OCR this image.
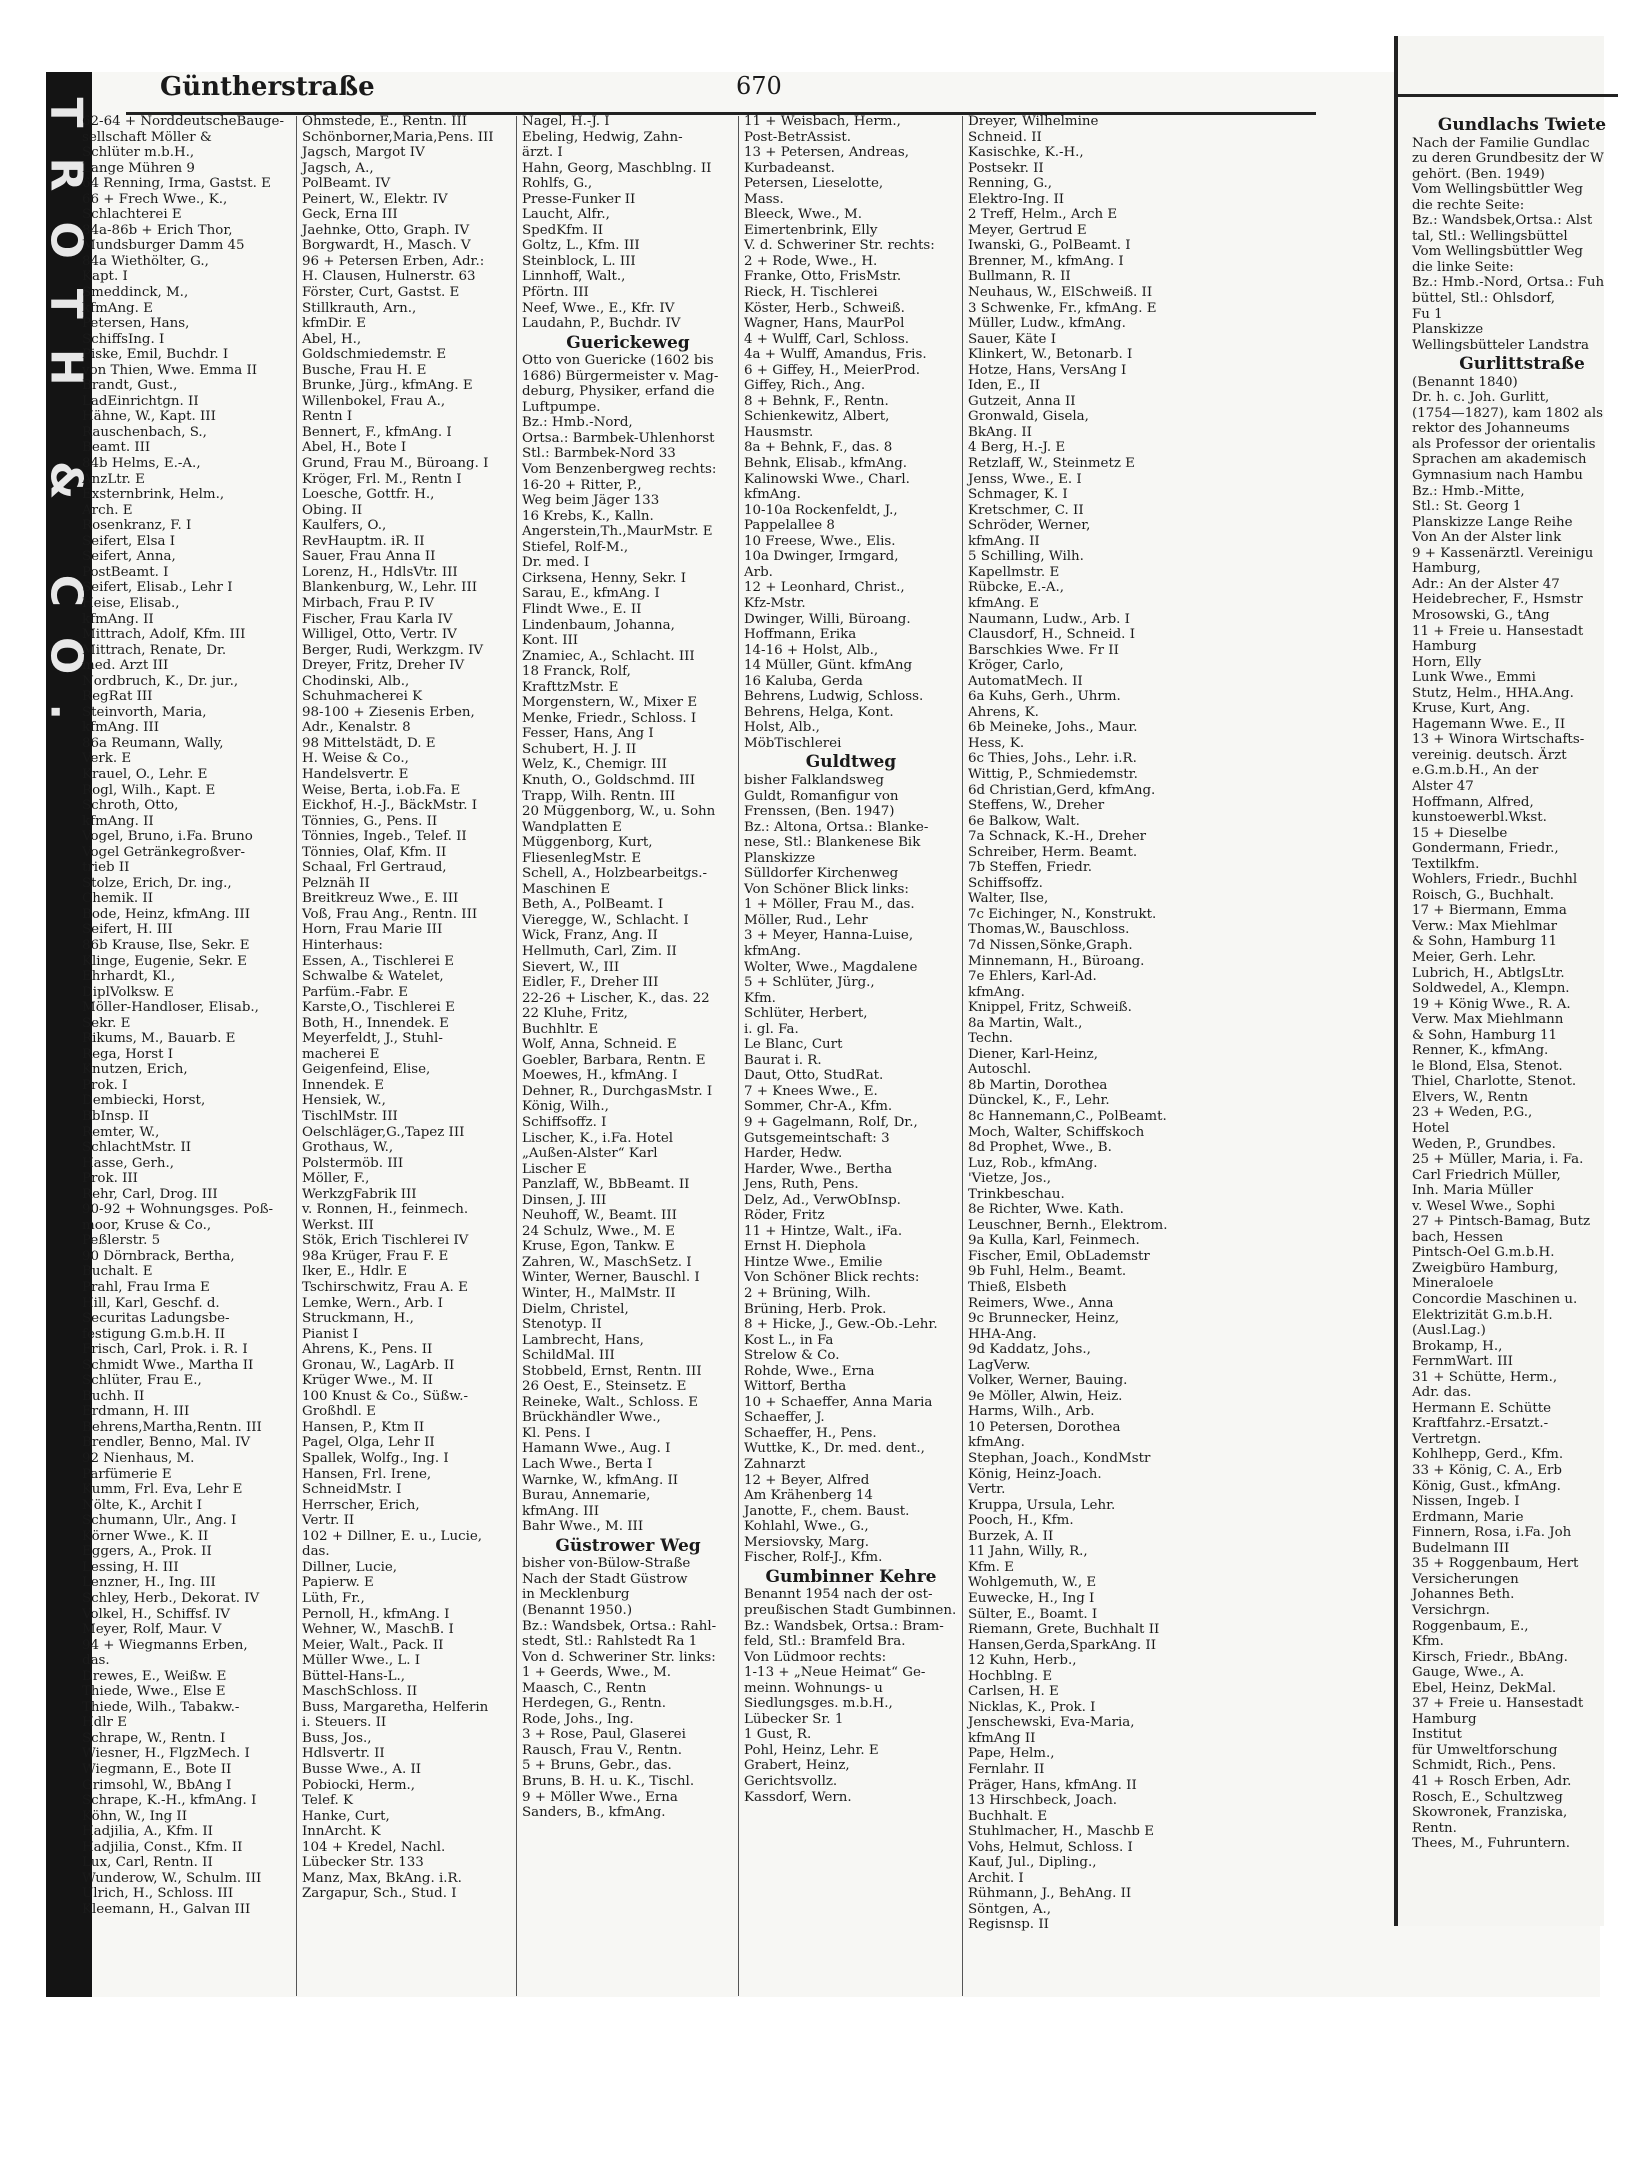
TROTH & CO.
Güntherstraße	670
62-64 + NorddeutscheBauge-
sellschaft Möller &
Schlüter m.b.H.,
Lange Mühren 9
64 Renning, Irma, Gastst. E
66 + Frech Wwe., K.,
Schlachterei E
84a-86b + Erich Thor,
Mundsburger Damm 45
84a Wiethölter, G.,
Kapt. I
Smeddinck, M.,
kfmAng. E
Petersen, Hans,
SchiffsIng. I
Piske, Emil, Buchdr. I
von Thien, Wwe. Emma II
Brandt, Gust.,
LadEinrichtgn. II
Hähne, W., Kapt. III
Rauschenbach, S.,
Beamt. III
84b Helms, E.-A.,
AnzLtr. E
Exsternbrink, Helm.,
Arch. E
Rosenkranz, F. I
Seifert, Elsa I
Seifert, Anna,
PostBeamt. I
Seifert, Elisab., Lehr I
Heise, Elisab.,
kfmAng. II
Mittrach, Adolf, Kfm. III
Mittrach, Renate, Dr.
med. Arzt III
Nordbruch, K., Dr. jur.,
RegRat III
Steinvorth, Maria,
kfmAng. III
86a Reumann, Wally,
Verk. E
Krauel, O., Lehr. E
Rogl, Wilh., Kapt. E
Schroth, Otto,
kfmAng. II
Vogel, Bruno, i.Fa. Bruno
Vogel Getränkegroßver-
trieb II
Stolze, Erich, Dr. ing.,
Chemik. II
Bode, Heinz, kfmAng. III
Seifert, H. III
86b Krause, Ilse, Sekr. E
Klinge, Eugenie, Sekr. E
Ehrhardt, Kl.,
DiplVolksw. E
Möller-Handloser, Elisab.,
Sekr. E
Rikums, M., Bauarb. E
Rega, Horst I
Knutzen, Erich,
Prok. I
Dembiecki, Horst,
BbInsp. II
Remter, W.,
SchlachtMstr. II
Hasse, Gerh.,
Prok. III
Rehr, Carl, Drog. III
90-92 + Wohnungsges. Poß-
moor, Kruse & Co.,
Peßlerstr. 5
90 Dörnbrack, Bertha,
Buchalt. E
Prahl, Frau Irma E
Hill, Karl, Geschf. d.
Securitas Ladungsbe-
festigung G.m.b.H. II
Frisch, Carl, Prok. i. R. I
Schmidt Wwe., Martha II
Schlüter, Frau E.,
Buchh. II
Erdmann, H. III
Behrens,Martha,Rentn. III
Brendler, Benno, Mal. IV
92 Nienhaus, M.
Parfümerie E
Kumm, Frl. Eva, Lehr E
Nölte, K., Archit I
Schumann, Ulr., Ang. I
Körner Wwe., K. II
Eggers, A., Prok. II
Lessing, H. III
Lenzner, H., Ing. III
Schley, Herb., Dekorat. IV
Volkel, H., Schiffsf. IV
Meyer, Rolf, Maur. V
94 + Wiegmanns Erben,
das.
Drewes, E., Weißw. E
Thiede, Wwe., Else E
Thiede, Wilh., Tabakw.-
Hdlr E
Schrape, W., Rentn. I
Wiesner, H., FlgzMech. I
Wiegmann, E., Bote II
Grimsohl, W., BbAng I
Schrape, K.-H., kfmAng. I
Köhn, W., Ing II
Hadjilia, A., Kfm. II
Hadjilia, Const., Kfm. II
Lux, Carl, Rentn. II
Wunderow, W., Schulm. III
Ulrich, H., Schloss. III
Kleemann, H., Galvan III
Ohmstede, E., Rentn. III
Schönborner,Maria,Pens. III
Jagsch, Margot IV
Jagsch, A.,
PolBeamt. IV
Peinert, W., Elektr. IV
Geck, Erna III
Jaehnke, Otto, Graph. IV
Borgwardt, H., Masch. V
96 + Petersen Erben, Adr.:
H. Clausen, Hulnerstr. 63
Förster, Curt, Gastst. E
Stillkrauth, Arn.,
kfmDir. E
Abel, H.,
Goldschmiedemstr. E
Busche, Frau H. E
Brunke, Jürg., kfmAng. E
Willenbokel, Frau A.,
Rentn I
Bennert, F., kfmAng. I
Abel, H., Bote I
Grund, Frau M., Büroang. I
Kröger, Frl. M., Rentn I
Loesche, Gottfr. H.,
Obing. II
Kaulfers, O.,
RevHauptm. iR. II
Sauer, Frau Anna II
Lorenz, H., HdlsVtr. III
Blankenburg, W., Lehr. III
Mirbach, Frau P. IV
Fischer, Frau Karla IV
Willigel, Otto, Vertr. IV
Berger, Rudi, Werkzgm. IV
Dreyer, Fritz, Dreher IV
Chodinski, Alb.,
Schuhmacherei K
98-100 + Ziesenis Erben,
Adr., Kenalstr. 8
98 Mittelstädt, D. E
H. Weise & Co.,
Handelsvertr. E
Weise, Berta, i.ob.Fa. E
Eickhof, H.-J., BäckMstr. I
Tönnies, G., Pens. II
Tönnies, Ingeb., Telef. II
Tönnies, Olaf, Kfm. II
Schaal, Frl Gertraud,
Pelznäh II
Breitkreuz Wwe., E. III
Voß, Frau Ang., Rentn. III
Horn, Frau Marie III
Hinterhaus:
Essen, A., Tischlerei E
Schwalbe & Watelet,
Parfüm.-Fabr. E
Karste,O., Tischlerei E
Both, H., Innendek. E
Meyerfeldt, J., Stuhl-
macherei E
Geigenfeind, Elise,
Innendek. E
Hensiek, W.,
TischlMstr. III
Oelschläger,G.,Tapez III
Grothaus, W.,
Polstermöb. III
Möller, F.,
WerkzgFabrik III
v. Ronnen, H., feinmech.
Werkst. III
Stök, Erich Tischlerei IV
98a Krüger, Frau F. E
Iker, E., Hdlr. E
Tschirschwitz, Frau A. E
Lemke, Wern., Arb. I
Struckmann, H.,
Pianist I
Ahrens, K., Pens. II
Gronau, W., LagArb. II
Krüger Wwe., M. II
100 Knust & Co., Süßw.-
Großhdl. E
Hansen, P., Ktm II
Pagel, Olga, Lehr II
Spallek, Wolfg., Ing. I
Hansen, Frl. Irene,
SchneidMstr. I
Herrscher, Erich,
Vertr. II
102 + Dillner, E. u., Lucie,
das.
Dillner, Lucie,
Papierw. E
Lüth, Fr.,
Pernoll, H., kfmAng. I
Wehner, W., MaschB. I
Meier, Walt., Pack. II
Müller Wwe., L. I
Büttel-Hans-L.,
MaschSchloss. II
Buss, Margaretha, Helferin
i. Steuers. II
Buss, Jos.,
Hdlsvertr. II
Busse Wwe., A. II
Pobiocki, Herm.,
Telef. K
Hanke, Curt,
InnArcht. K
104 + Kredel, Nachl.
Lübecker Str. 133
Manz, Max, BkAng. i.R.
Zargapur, Sch., Stud. I
Nagel, H.-J. I
Ebeling, Hedwig, Zahn-
ärzt. I
Hahn, Georg, Maschblng. II
Rohlfs, G.,
Presse-Funker II
Laucht, Alfr.,
SpedKfm. II
Goltz, L., Kfm. III
Steinblock, L. III
Linnhoff, Walt.,
Pförtn. III
Neef, Wwe., E., Kfr. IV
Laudahn, P., Buchdr. IV
Guerickeweg
Otto von Guericke (1602 bis
1686) Bürgermeister v. Mag-
deburg, Physiker, erfand die
Luftpumpe.
Bz.: Hmb.-Nord,
Ortsa.: Barmbek-Uhlenhorst
Stl.: Barmbek-Nord 33
Vom Benzenbergweg rechts:
16-20 + Ritter, P.,
Weg beim Jäger 133
16 Krebs, K., Kalln.
Angerstein,Th.,MaurMstr. E
Stiefel, Rolf-M.,
Dr. med. I
Cirksena, Henny, Sekr. I
Sarau, E., kfmAng. I
Flindt Wwe., E. II
Lindenbaum, Johanna,
Kont. III
Znamiec, A., Schlacht. III
18 Franck, Rolf,
KrafttzMstr. E
Morgenstern, W., Mixer E
Menke, Friedr., Schloss. I
Fesser, Hans, Ang I
Schubert, H. J. II
Welz, K., Chemigr. III
Knuth, O., Goldschmd. III
Trapp, Wilh. Rentn. III
20 Müggenborg, W., u. Sohn
Wandplatten E
Müggenborg, Kurt,
FliesenlegMstr. E
Schell, A., Holzbearbeitgs.-
Maschinen E
Beth, A., PolBeamt. I
Vieregge, W., Schlacht. I
Wick, Franz, Ang. II
Hellmuth, Carl, Zim. II
Sievert, W., III
Eidler, F., Dreher III
22-26 + Lischer, K., das. 22
22 Kluhe, Fritz,
Buchhltr. E
Wolf, Anna, Schneid. E
Goebler, Barbara, Rentn. E
Moewes, H., kfmAng. I
Dehner, R., DurchgasMstr. I
König, Wilh.,
Schiffsoffz. I
Lischer, K., i.Fa. Hotel
„Außen-Alster“ Karl
Lischer E
Panzlaff, W., BbBeamt. II
Dinsen, J. III
Neuhoff, W., Beamt. III
24 Schulz, Wwe., M. E
Kruse, Egon, Tankw. E
Zahren, W., MaschSetz. I
Winter, Werner, Bauschl. I
Winter, H., MalMstr. II
Dielm, Christel,
Stenotyp. II
Lambrecht, Hans,
SchildMal. III
Stobbeld, Ernst, Rentn. III
26 Oest, E., Steinsetz. E
Reineke, Walt., Schloss. E
Brückhändler Wwe.,
Kl. Pens. I
Hamann Wwe., Aug. I
Lach Wwe., Berta I
Warnke, W., kfmAng. II
Burau, Annemarie,
kfmAng. III
Bahr Wwe., M. III
Güstrower Weg
bisher von-Bülow-Straße
Nach der Stadt Güstrow
in Mecklenburg
(Benannt 1950.)
Bz.: Wandsbek, Ortsa.: Rahl-
stedt, Stl.: Rahlstedt Ra 1
Von d. Schweriner Str. links:
1 + Geerds, Wwe., M.
Maasch, C., Rentn
Herdegen, G., Rentn.
Rode, Johs., Ing.
3 + Rose, Paul, Glaserei
Rausch, Frau V., Rentn.
5 + Bruns, Gebr., das.
Bruns, B. H. u. K., Tischl.
9 + Möller Wwe., Erna
Sanders, B., kfmAng.
11 + Weisbach, Herm.,
Post-BetrAssist.
13 + Petersen, Andreas,
Kurbadeanst.
Petersen, Lieselotte,
Mass.
Bleeck, Wwe., M.
Eimertenbrink, Elly
V. d. Schweriner Str. rechts:
2 + Rode, Wwe., H.
Franke, Otto, FrisMstr.
Rieck, H. Tischlerei
Köster, Herb., Schweiß.
Wagner, Hans, MaurPol
4 + Wulff, Carl, Schloss.
4a + Wulff, Amandus, Fris.
6 + Giffey, H., MeierProd.
Giffey, Rich., Ang.
8 + Behnk, F., Rentn.
Schienkewitz, Albert,
Hausmstr.
8a + Behnk, F., das. 8
Behnk, Elisab., kfmAng.
Kalinowski Wwe., Charl.
kfmAng.
10-10a Rockenfeldt, J.,
Pappelallee 8
10 Freese, Wwe., Elis.
10a Dwinger, Irmgard,
Arb.
12 + Leonhard, Christ.,
Kfz-Mstr.
Dwinger, Willi, Büroang.
Hoffmann, Erika
14-16 + Holst, Alb.,
14 Müller, Günt. kfmAng
16 Kaluba, Gerda
Behrens, Ludwig, Schloss.
Behrens, Helga, Kont.
Holst, Alb.,
MöbTischlerei
Guldtweg
bisher Falklandsweg
Guldt, Romanfigur von
Frenssen, (Ben. 1947)
Bz.: Altona, Ortsa.: Blanke-
nese, Stl.: Blankenese Bik
Planskizze
Sülldorfer Kirchenweg
Von Schöner Blick links:
1 + Möller, Frau M., das.
Möller, Rud., Lehr
3 + Meyer, Hanna-Luise,
kfmAng.
Wolter, Wwe., Magdalene
5 + Schlüter, Jürg.,
Kfm.
Schlüter, Herbert,
i. gl. Fa.
Le Blanc, Curt
Baurat i. R.
Daut, Otto, StudRat.
7 + Knees Wwe., E.
Sommer, Chr-A., Kfm.
9 + Gagelmann, Rolf, Dr.,
Gutsgemeintschaft: 3
Harder, Hedw.
Harder, Wwe., Bertha
Jens, Ruth, Pens.
Delz, Ad., VerwObInsp.
Röder, Fritz
11 + Hintze, Walt., iFa.
Ernst H. Diephola
Hintze Wwe., Emilie
Von Schöner Blick rechts:
2 + Brüning, Wilh.
Brüning, Herb. Prok.
8 + Hicke, J., Gew.-Ob.-Lehr.
Kost L., in Fa
Strelow & Co.
Rohde, Wwe., Erna
Wittorf, Bertha
10 + Schaeffer, Anna Maria
Schaeffer, J.
Schaeffer, H., Pens.
Wuttke, K., Dr. med. dent.,
Zahnarzt
12 + Beyer, Alfred
Am Krähenberg 14
Janotte, F., chem. Baust.
Kohlahl, Wwe., G.,
Mersiovsky, Marg.
Fischer, Rolf-J., Kfm.
Gumbinner Kehre
Benannt 1954 nach der ost-
preußischen Stadt Gumbinnen.
Bz.: Wandsbek, Ortsa.: Bram-
feld, Stl.: Bramfeld Bra.
Von Lüdmoor rechts:
1-13 + „Neue Heimat“ Ge-
meinn. Wohnungs- u
Siedlungsges. m.b.H.,
Lübecker Sr. 1
1 Gust, R.
Pohl, Heinz, Lehr. E
Grabert, Heinz,
Gerichtsvollz.
Kassdorf, Wern.
Dreyer, Wilhelmine
Schneid. II
Kasischke, K.-H.,
Postsekr. II
Renning, G.,
Elektro-Ing. II
2 Treff, Helm., Arch E
Meyer, Gertrud E
Iwanski, G., PolBeamt. I
Brenner, M., kfmAng. I
Bullmann, R. II
Neuhaus, W., ElSchweiß. II
3 Schwenke, Fr., kfmAng. E
Müller, Ludw., kfmAng.
Sauer, Käte I
Klinkert, W., Betonarb. I
Hotze, Hans, VersAng I
Iden, E., II
Gutzeit, Anna II
Gronwald, Gisela,
BkAng. II
4 Berg, H.-J. E
Retzlaff, W., Steinmetz E
Jenss, Wwe., E. I
Schmager, K. I
Kretschmer, C. II
Schröder, Werner,
kfmAng. II
5 Schilling, Wilh.
Kapellmstr. E
Rübcke, E.-A.,
kfmAng. E
Naumann, Ludw., Arb. I
Clausdorf, H., Schneid. I
Barschkies Wwe. Fr II
Kröger, Carlo,
AutomatMech. II
6a Kuhs, Gerh., Uhrm.
Ahrens, K.
6b Meineke, Johs., Maur.
Hess, K.
6c Thies, Johs., Lehr. i.R.
Wittig, P., Schmiedemstr.
6d Christian,Gerd, kfmAng.
Steffens, W., Dreher
6e Balkow, Walt.
7a Schnack, K.-H., Dreher
Schreiber, Herm. Beamt.
7b Steffen, Friedr.
Schiffsoffz.
Walter, Ilse,
7c Eichinger, N., Konstrukt.
Thomas,W., Bauschloss.
7d Nissen,Sönke,Graph.
Minnemann, H., Büroang.
7e Ehlers, Karl-Ad.
kfmAng.
Knippel, Fritz, Schweiß.
8a Martin, Walt.,
Techn.
Diener, Karl-Heinz,
Autoschl.
8b Martin, Dorothea
Dünckel, K., F., Lehr.
8c Hannemann,C., PolBeamt.
Moch, Walter, Schiffskoch
8d Prophet, Wwe., B.
Luz, Rob., kfmAng.
'Vietze, Jos.,
Trinkbeschau.
8e Richter, Wwe. Kath.
Leuschner, Bernh., Elektrom.
9a Kulla, Karl, Feinmech.
Fischer, Emil, ObLademstr
9b Fuhl, Helm., Beamt.
Thieß, Elsbeth
Reimers, Wwe., Anna
9c Brunnecker, Heinz,
HHA-Ang.
9d Kaddatz, Johs.,
LagVerw.
Volker, Werner, Bauing.
9e Möller, Alwin, Heiz.
Harms, Wilh., Arb.
10 Petersen, Dorothea
kfmAng.
Stephan, Joach., KondMstr
König, Heinz-Joach.
Vertr.
Kruppa, Ursula, Lehr.
Pooch, H., Kfm.
Burzek, A. II
11 Jahn, Willy, R.,
Kfm. E
Wohlgemuth, W., E
Euwecke, H., Ing I
Sülter, E., Boamt. I
Riemann, Grete, Buchhalt II
Hansen,Gerda,SparkAng. II
12 Kuhn, Herb.,
Hochblng. E
Carlsen, H. E
Nicklas, K., Prok. I
Jenschewski, Eva-Maria,
kfmAng II
Pape, Helm.,
Fernlahr. II
Präger, Hans, kfmAng. II
13 Hirschbeck, Joach.
Buchhalt. E
Stuhlmacher, H., Maschb E
Vohs, Helmut, Schloss. I
Kauf, Jul., Dipling.,
Archit. I
Rühmann, J., BehAng. II
Söntgen, A.,
Regisnsp. II
Gundlachs Twiete
Nach der Familie Gundlac
zu deren Grundbesitz der W
gehört. (Ben. 1949)
Vom Wellingsbüttler Weg
die rechte Seite:
Bz.: Wandsbek,Ortsa.: Alst
tal, Stl.: Wellingsbüttel
Vom Wellingsbüttler Weg
die linke Seite:
Bz.: Hmb.-Nord, Ortsa.: Fuh
büttel, Stl.: Ohlsdorf,
Fu 1
Planskizze
Wellingsbütteler Landstra
Gurlittstraße
(Benannt 1840)
Dr. h. c. Joh. Gurlitt,
(1754—1827), kam 1802 als
rektor des Johanneums
als Professor der orientalis
Sprachen am akademisch
Gymnasium nach Hambu
Bz.: Hmb.-Mitte,
Stl.: St. Georg 1
Planskizze Lange Reihe
Von An der Alster link
9 + Kassenärztl. Vereinigu
Hamburg,
Adr.: An der Alster 47
Heidebrecher, F., Hsmstr
Mrosowski, G., tAng
11 + Freie u. Hansestadt
Hamburg
Horn, Elly
Lunk Wwe., Emmi
Stutz, Helm., HHA.Ang.
Kruse, Kurt, Ang.
Hagemann Wwe. E., II
13 + Winora Wirtschafts-
vereinig. deutsch. Ärzt
e.G.m.b.H., An der
Alster 47
Hoffmann, Alfred,
kunstoewerbl.Wkst.
15 + Dieselbe
Gondermann, Friedr.,
Textilkfm.
Wohlers, Friedr., Buchhl
Roisch, G., Buchhalt.
17 + Biermann, Emma
Verw.: Max Miehlmar
& Sohn, Hamburg 11
Meier, Gerh. Lehr.
Lubrich, H., AbtlgsLtr.
Soldwedel, A., Klempn.
19 + König Wwe., R. A.
Verw. Max Miehlmann
& Sohn, Hamburg 11
Renner, K., kfmAng.
le Blond, Elsa, Stenot.
Thiel, Charlotte, Stenot.
Elvers, W., Rentn
23 + Weden, P.G.,
Hotel
Weden, P., Grundbes.
25 + Müller, Maria, i. Fa.
Carl Friedrich Müller,
Inh. Maria Müller
v. Wesel Wwe., Sophi
27 + Pintsch-Bamag, Butz
bach, Hessen
Pintsch-Oel G.m.b.H.
Zweigbüro Hamburg,
Mineraloele
Concordie Maschinen u.
Elektrizität G.m.b.H.
(Ausl.Lag.)
Brokamp, H.,
FernmWart. III
31 + Schütte, Herm.,
Adr. das.
Hermann E. Schütte
Kraftfahrz.-Ersatzt.-
Vertretgn.
Kohlhepp, Gerd., Kfm.
33 + König, C. A., Erb
König, Gust., kfmAng.
Nissen, Ingeb. I
Erdmann, Marie
Finnern, Rosa, i.Fa. Joh
Budelmann III
35 + Roggenbaum, Hert
Versicherungen
Johannes Beth.
Versichrgn.
Roggenbaum, E.,
Kfm.
Kirsch, Friedr., BbAng.
Gauge, Wwe., A.
Ebel, Heinz, DekMal.
37 + Freie u. Hansestadt
Hamburg
Institut
für Umweltforschung
Schmidt, Rich., Pens.
41 + Rosch Erben, Adr.
Rosch, E., Schultzweg
Skowronek, Franziska,
Rentn.
Thees, M., Fuhruntern.
